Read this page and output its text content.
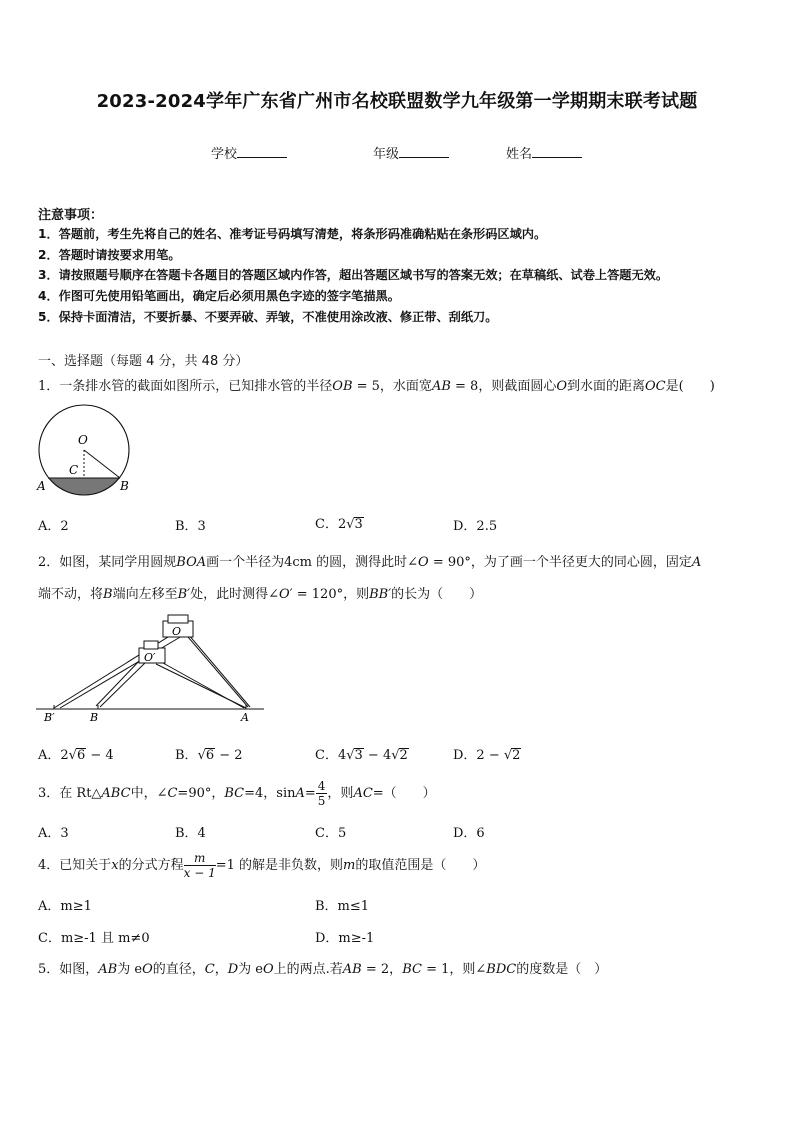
2023-2024学年广东省广州市名校联盟数学九年级第一学期期末联考试题
学校	年级	姓名
注意事项：
1．答题前，考生先将自己的姓名、准考证号码填写清楚，将条形码准确粘贴在条形码区域内。
2．答题时请按要求用笔。
3．请按照题号顺序在答题卡各题目的答题区域内作答，超出答题区域书写的答案无效；在草稿纸、试卷上答题无效。
4．作图可先使用铅笔画出，确定后必须用黑色字迹的签字笔描黑。
5．保持卡面清洁，不要折暴、不要弄破、弄皱，不准使用涂改液、修正带、刮纸刀。
一、选择题（每题 4 分，共 48 分）
1．一条排水管的截面如图所示，已知排水管的半径OB = 5，水面宽AB = 8，则截面圆心O到水面的距离OC是(　　)
O
C
A	B
A．2	B．3	C．2√3	D．2.5
2．如图，某同学用圆规BOA画一个半径为4cm 的圆，测得此时∠O = 90°，为了画一个半径更大的同心圆，固定A
端不动，将B端向左移至B′处，此时测得∠O′ = 120°，则BB′的长为（　　）
O
O′
B′	B	A
A．2√6 − 4	B．√6 − 2	C．4√3 − 4√2	D．2 − √2
3．在 Rt△ABC中，∠C=90°，BC=4，$\sin A= \frac{4}{5}$ ，则AC=（　　）
A．3	B．4	C．5	D．6
4．已知关于x的分式方程 $\frac{m}{x - 1} =1$ 的解是非负数，则m的取值范围是（　　）
A．m≥1	B．m≤1
C．m≥-1 且 m≠0	D．m≥-1
5．如图，AB为 eO的直径，C，D为 eO上的两点.若AB = 2，BC = 1，则∠BDC的度数是（　）
